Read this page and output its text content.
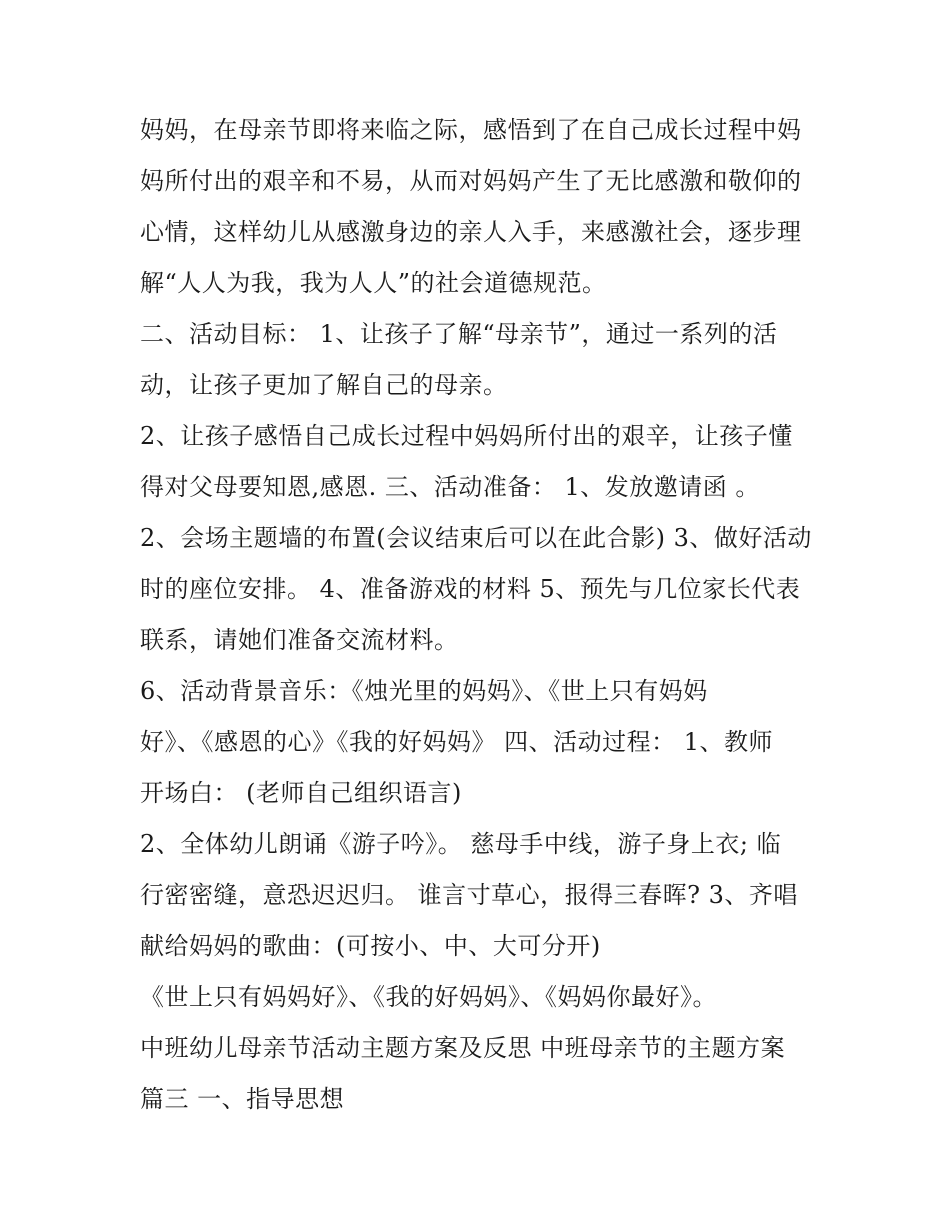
妈妈，在母亲节即将来临之际，感悟到了在自己成长过程中妈
妈所付出的艰辛和不易，从而对妈妈产生了无比感激和敬仰的
心情，这样幼儿从感激身边的亲人入手，来感激社会，逐步理
解“人人为我，我为人人”的社会道德规范。
二、活动目标： 1、让孩子了解“母亲节”，通过一系列的活
动，让孩子更加了解自己的母亲。
2、让孩子感悟自己成长过程中妈妈所付出的艰辛，让孩子懂
得对父母要知恩,感恩. 三、活动准备： 1、发放邀请函 。
2、会场主题墙的布置(会议结束后可以在此合影) 3、做好活动
时的座位安排。 4、准备游戏的材料 5、预先与几位家长代表
联系，请她们准备交流材料。
6、活动背景音乐：《烛光里的妈妈》、《世上只有妈妈
好》、《感恩的心》《我的好妈妈》 四、活动过程： 1、教师
开场白： (老师自己组织语言)
2、全体幼儿朗诵《游子吟》。 慈母手中线，游子身上衣; 临
行密密缝，意恐迟迟归。 谁言寸草心，报得三春晖? 3、齐唱
献给妈妈的歌曲：(可按小、中、大可分开)
《世上只有妈妈好》、《我的好妈妈》、《妈妈你最好》。
中班幼儿母亲节活动主题方案及反思 中班母亲节的主题方案
篇三 一、指导思想
